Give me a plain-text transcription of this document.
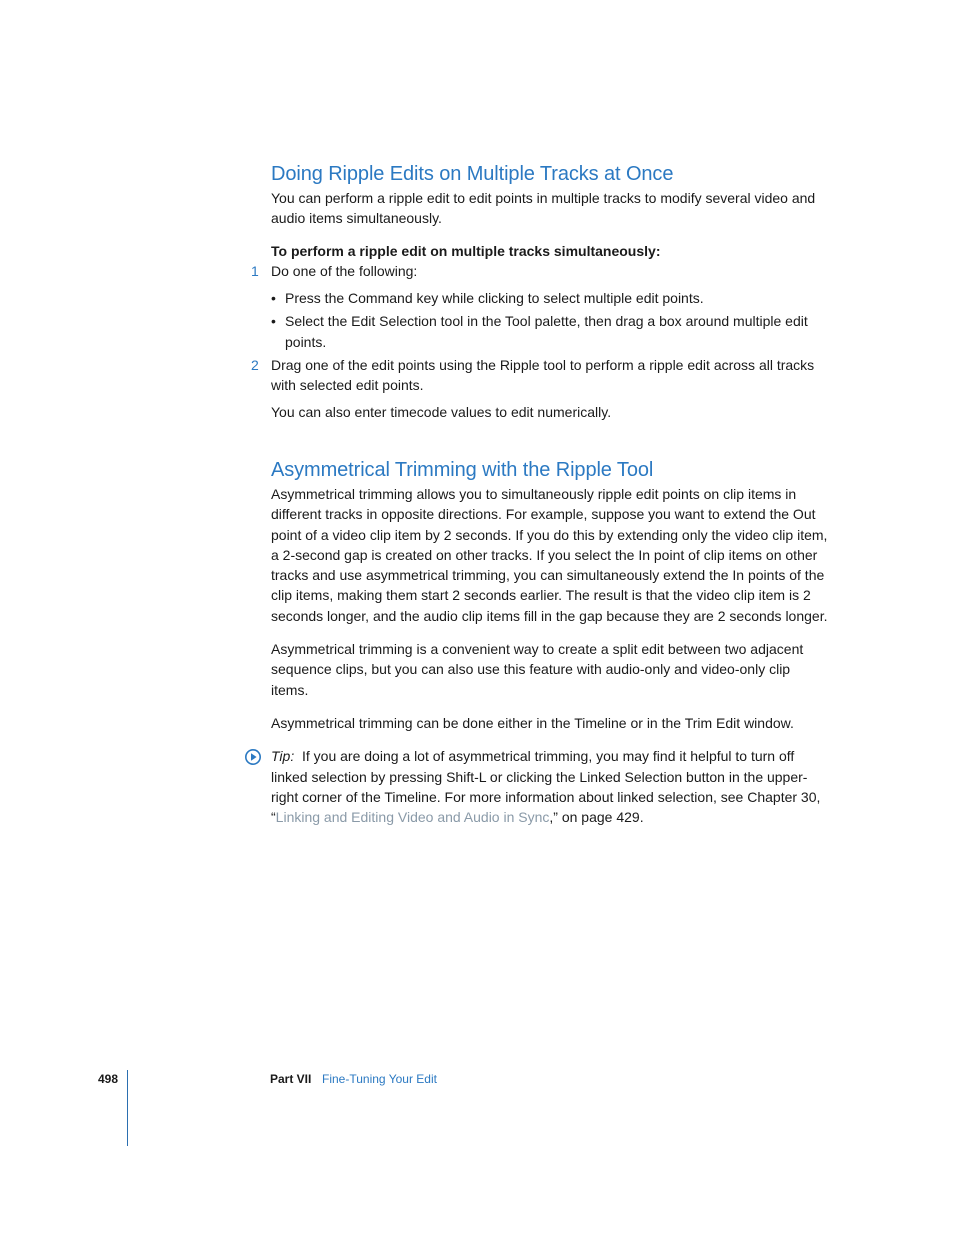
Doing Ripple Edits on Multiple Tracks at Once

You can perform a ripple edit to edit points in multiple tracks to modify several video and audio items simultaneously.

To perform a ripple edit on multiple tracks simultaneously:

1 Do one of the following:

• Press the Command key while clicking to select multiple edit points.
• Select the Edit Selection tool in the Tool palette, then drag a box around multiple edit points.
2 Drag one of the edit points using the Ripple tool to perform a ripple edit across all tracks with selected edit points.

You can also enter timecode values to edit numerically.

Asymmetrical Trimming with the Ripple Tool

Asymmetrical trimming allows you to simultaneously ripple edit points on clip items in different tracks in opposite directions. For example, suppose you want to extend the Out point of a video clip item by 2 seconds. If you do this by extending only the video clip item, a 2-second gap is created on other tracks. If you select the In point of clip items on other tracks and use asymmetrical trimming, you can simultaneously extend the In points of the clip items, making them start 2 seconds earlier. The result is that the video clip item is 2 seconds longer, and the audio clip items fill in the gap because they are 2 seconds longer.

Asymmetrical trimming is a convenient way to create a split edit between two adjacent sequence clips, but you can also use this feature with audio-only and video-only clip items.

Asymmetrical trimming can be done either in the Timeline or in the Trim Edit window.

Tip: If you are doing a lot of asymmetrical trimming, you may find it helpful to turn off linked selection by pressing Shift-L or clicking the Linked Selection button in the upper-right corner of the Timeline. For more information about linked selection, see Chapter 30, “Linking and Editing Video and Audio in Sync,” on page 429.

498	Part VII Fine-Tuning Your Edit
